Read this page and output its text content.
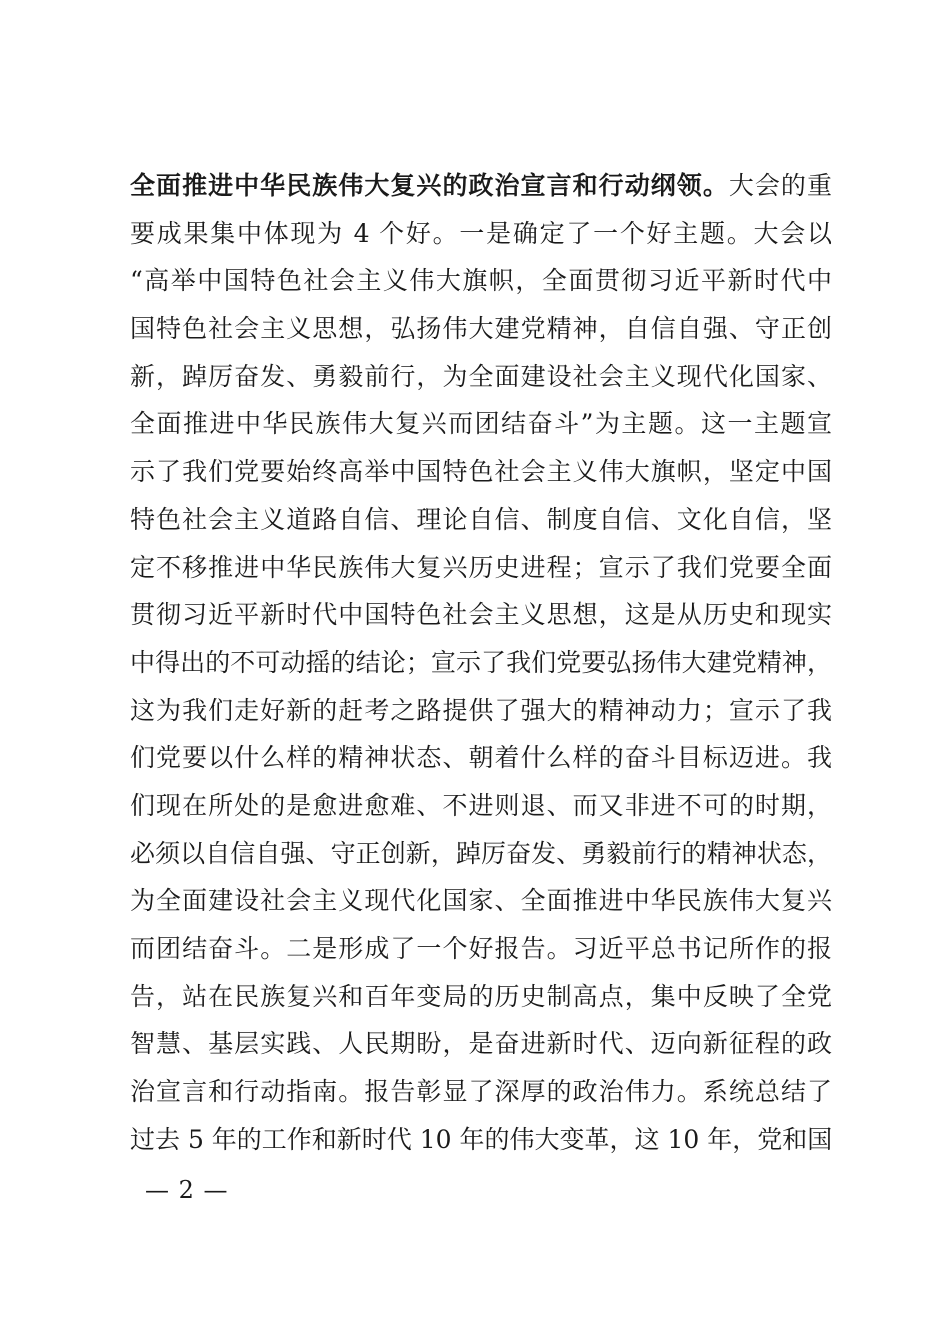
全面推进中华民族伟大复兴的政治宣言和行动纲领。大会的重
要成果集中体现为 4 个好。一是确定了一个好主题。大会以
“高举中国特色社会主义伟大旗帜，全面贯彻习近平新时代中
国特色社会主义思想，弘扬伟大建党精神，自信自强、守正创
新，踔厉奋发、勇毅前行，为全面建设社会主义现代化国家、
全面推进中华民族伟大复兴而团结奋斗”为主题。这一主题宣
示了我们党要始终高举中国特色社会主义伟大旗帜，坚定中国
特色社会主义道路自信、理论自信、制度自信、文化自信，坚
定不移推进中华民族伟大复兴历史进程；宣示了我们党要全面
贯彻习近平新时代中国特色社会主义思想，这是从历史和现实
中得出的不可动摇的结论；宣示了我们党要弘扬伟大建党精神，
这为我们走好新的赶考之路提供了强大的精神动力；宣示了我
们党要以什么样的精神状态、朝着什么样的奋斗目标迈进。我
们现在所处的是愈进愈难、不进则退、而又非进不可的时期，
必须以自信自强、守正创新，踔厉奋发、勇毅前行的精神状态，
为全面建设社会主义现代化国家、全面推进中华民族伟大复兴
而团结奋斗。二是形成了一个好报告。习近平总书记所作的报
告，站在民族复兴和百年变局的历史制高点，集中反映了全党
智慧、基层实践、人民期盼，是奋进新时代、迈向新征程的政
治宣言和行动指南。报告彰显了深厚的政治伟力。系统总结了
过去 5 年的工作和新时代 10 年的伟大变革，这 10 年，党和国
— 2 —
